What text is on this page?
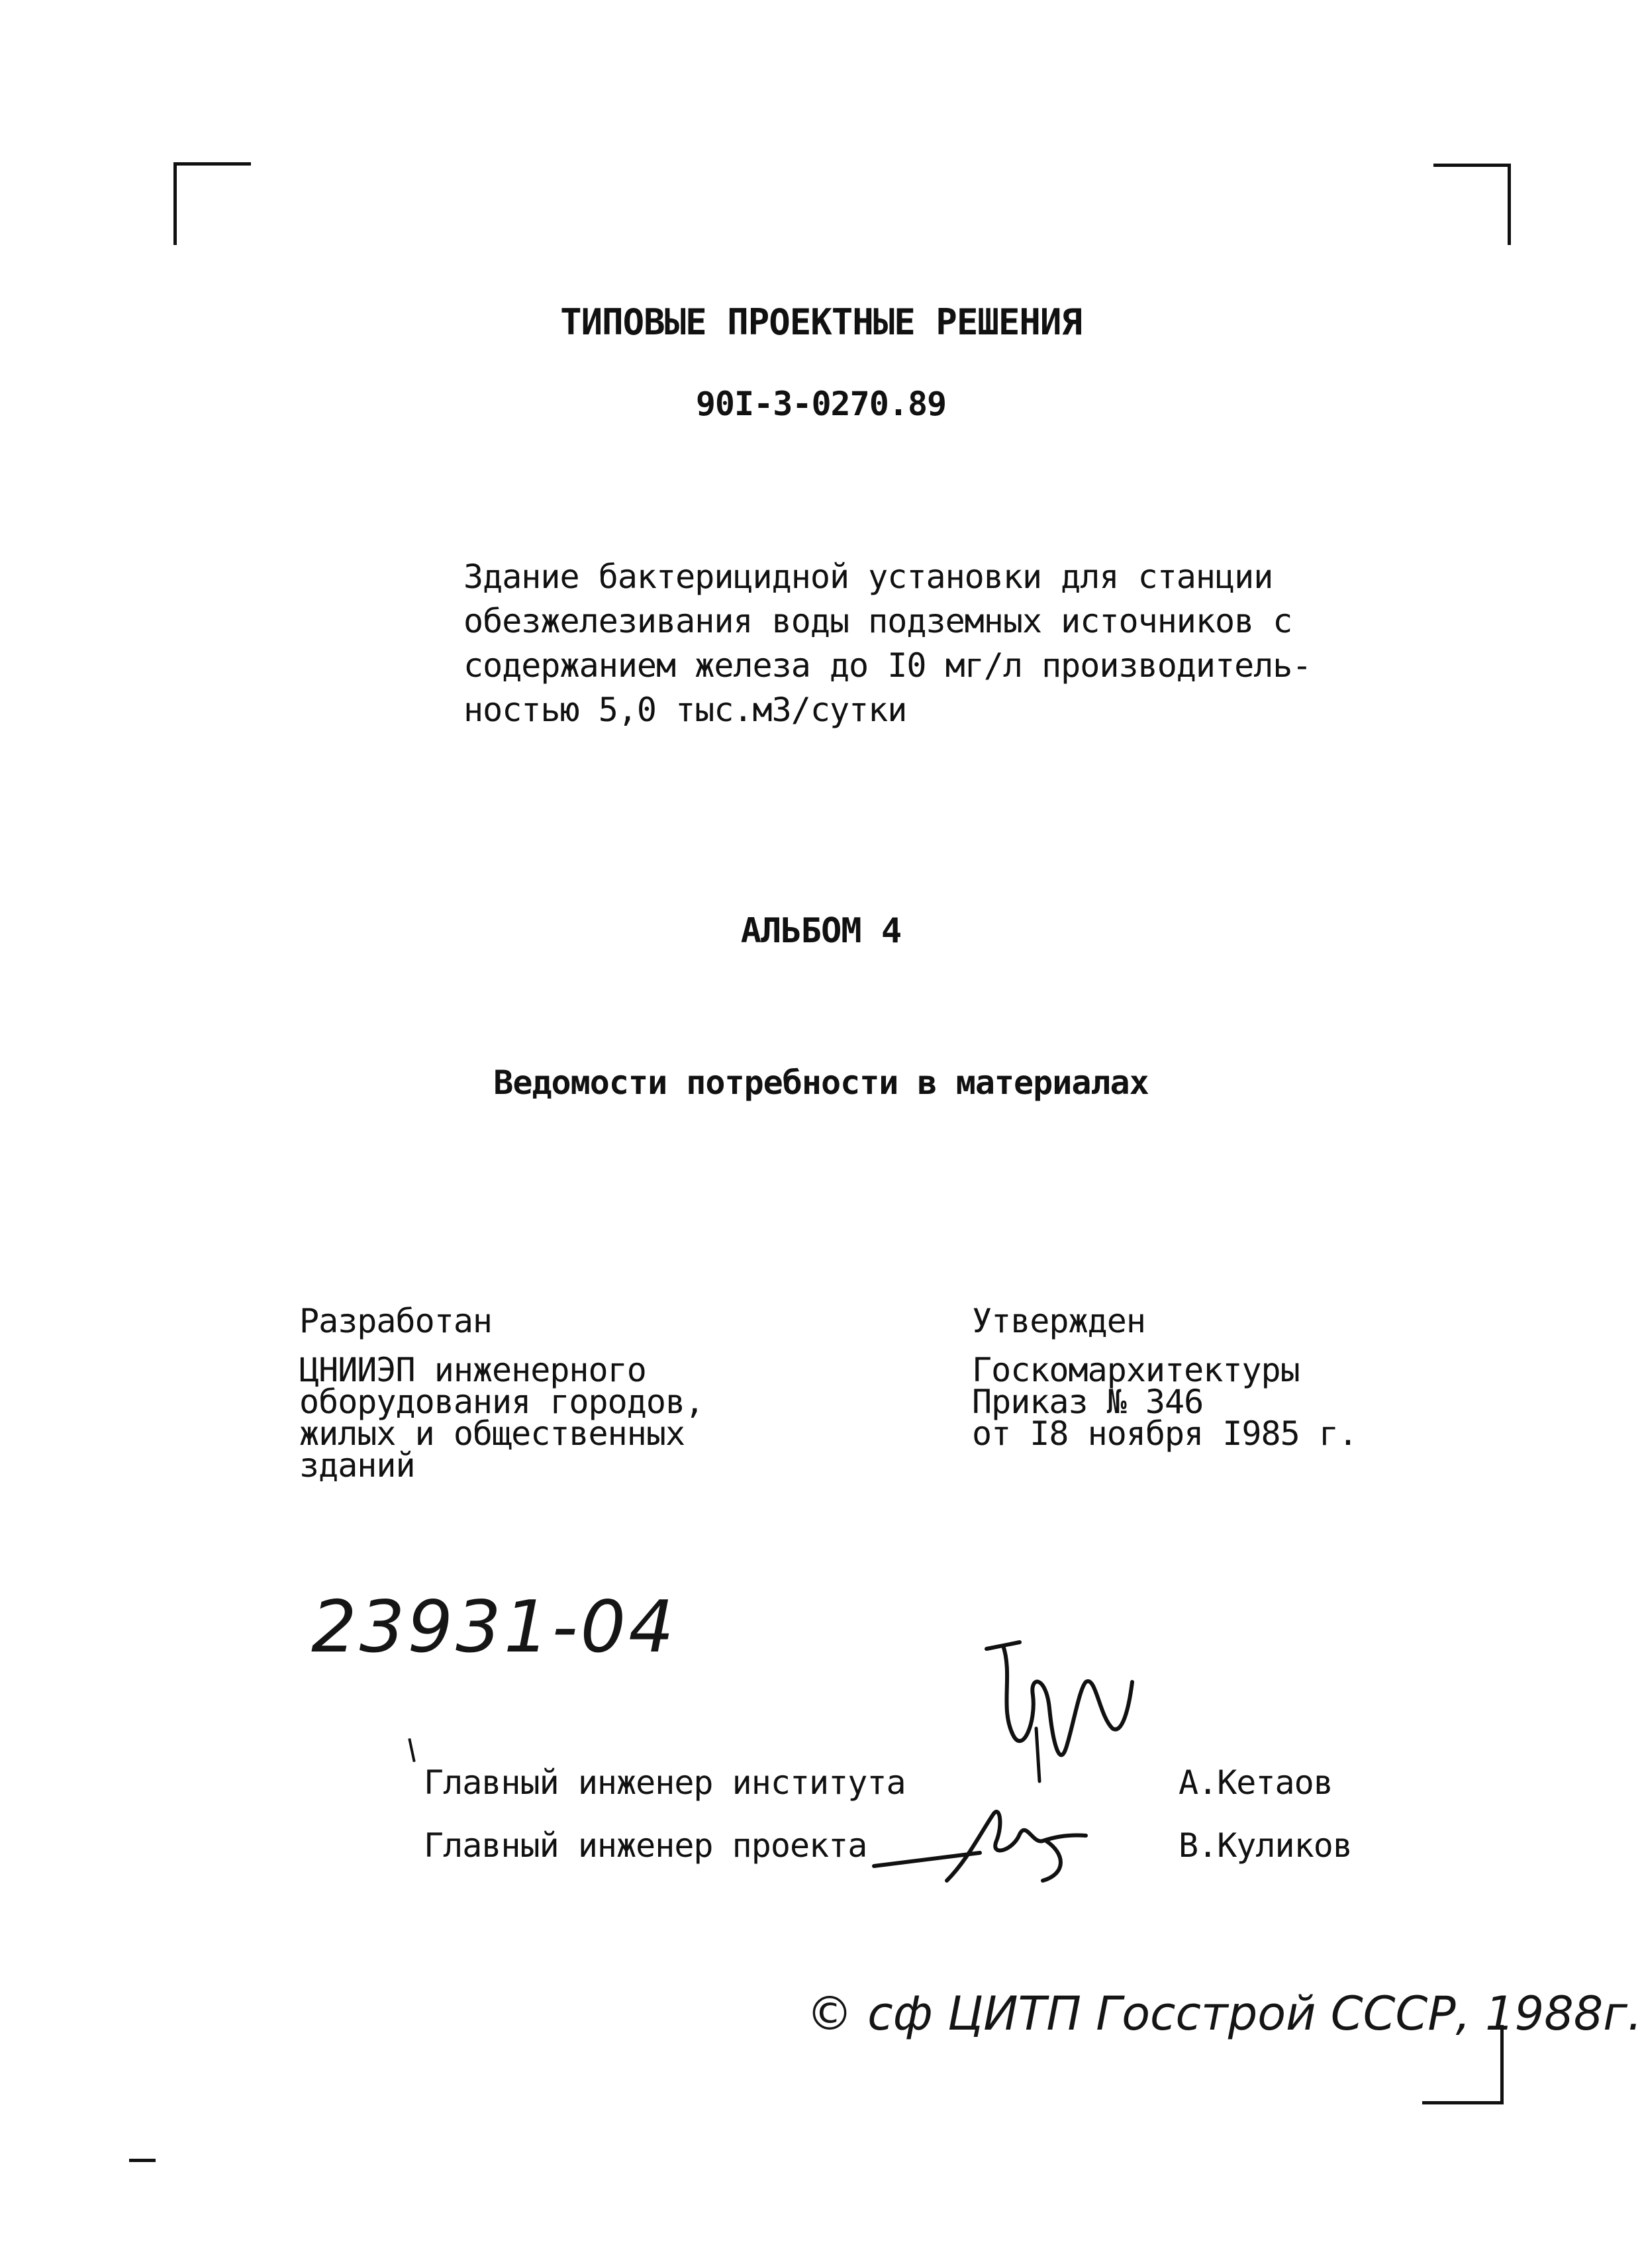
ТИПОВЫЕ ПРОЕКТНЫЕ РЕШЕНИЯ
90I-3-0270.89
Здание бактерицидной установки для станции
обезжелезивания воды подземных источников с
содержанием железа до I0 мг/л производитель-
ностью 5,0 тыс.м3/сутки
АЛЬБОМ 4
Ведомости потребности в материалах
Разработан
ЦНИИЭП инженерного
оборудования городов,
жилых и общественных
зданий
Утвержден
Госкомархитектуры
Приказ № 346
от I8 ноября I985 г.
23931-04
Главный инженер института	А.Кетаов
Главный инженер проекта	В.Куликов
© сф ЦИТП Госстрой СССР, 1988г.
